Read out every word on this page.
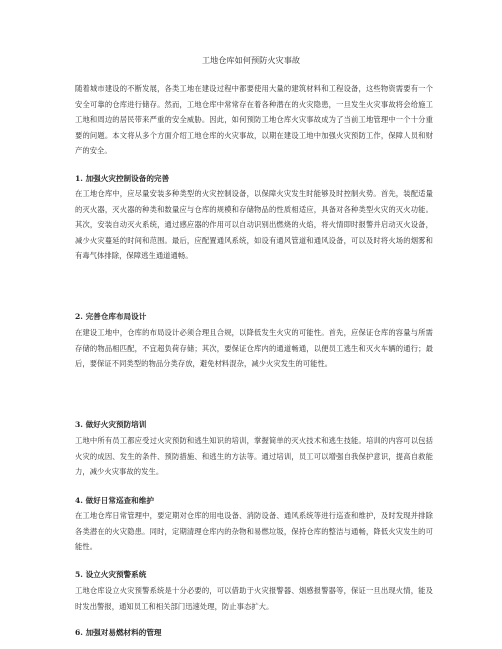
工地仓库如何预防火灾事故

随着城市建设的不断发展，各类工地在建设过程中都要使用大量的建筑材料和工程设备，这些物资需要有一个安全可靠的仓库进行储存。然而，工地仓库中常常存在着各种潜在的火灾隐患，一旦发生火灾事故将会给施工工地和周边的居民带来严重的安全威胁。因此，如何预防工地仓库火灾事故成为了当前工地管理中一个十分重要的问题。本文将从多个方面介绍工地仓库的火灾事故，以期在建设工地中加强火灾预防工作，保障人员和财产的安全。

1. 加强火灾控制设备的完善

在工地仓库中，应尽量安装多种类型的火灾控制设备，以保障火灾发生时能够及时控制火势。首先，装配适量的灭火器，灭火器的种类和数量应与仓库的规模和存储物品的性质相适应，具备对各种类型火灾的灭火功能。其次，安装自动灭火系统，通过感应器的作用可以自动识别出燃烧的火焰，将火情即时报警并启动灭火设备，减少火灾蔓延的时间和范围。最后，应配置通风系统，如设有通风管道和通风设备，可以及时将火场的烟雾和有毒气体排除，保障逃生通道通畅。

2. 完善仓库布局设计

在建设工地中，仓库的布局设计必须合理且合规，以降低发生火灾的可能性。首先，应保证仓库的容量与所需存储的物品相匹配，不宜超负荷存储；其次，要保证仓库内的通道畅通，以便员工逃生和灭火车辆的通行；最后，要保证不同类型的物品分类存放，避免材料混杂，减少火灾发生的可能性。

3. 做好火灾预防培训

工地中所有员工都应受过火灾预防和逃生知识的培训，掌握简单的灭火技术和逃生技能。培训的内容可以包括火灾的成因、发生的条件、预防措施、和逃生的方法等。通过培训，员工可以增强自我保护意识，提高自救能力，减少火灾事故的发生。

4. 做好日常巡查和维护

在工地仓库日常管理中，要定期对仓库的用电设备、消防设备、通风系统等进行巡查和维护，及时发现并排除各类潜在的火灾隐患。同时，定期清理仓库内的杂物和易燃垃圾，保持仓库的整洁与通畅，降低火灾发生的可能性。

5. 设立火灾预警系统

工地仓库设立火灾预警系统是十分必要的，可以借助于火灾报警器、烟感报警器等，保证一旦出现火情，能及时发出警报，通知员工和相关部门迅速处理，防止事态扩大。

6. 加强对易燃材料的管理
